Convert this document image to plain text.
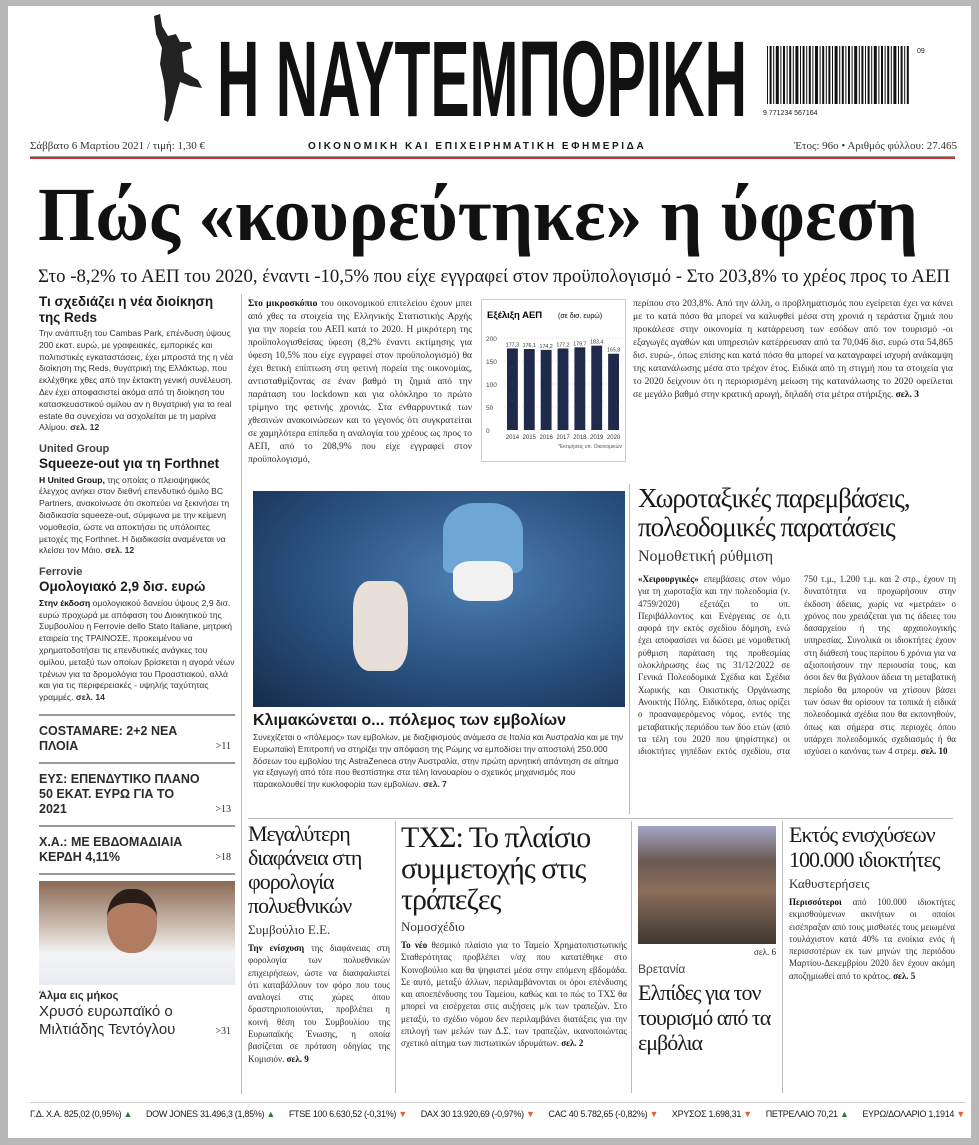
Η ΝΑΥΤΕΜΠΟΡΙΚΗ 9 771234 567164
09
Σάββατο 6 Μαρτίου 2021 / τιμή: 1,30 €	ΟΙΚΟΝΟΜΙΚΗ ΚΑΙ ΕΠΙΧΕΙΡΗΜΑΤΙΚΗ ΕΦΗΜΕΡΙΔΑ	Έτος: 96ο • Αριθμός φύλλου: 27.465
Πώς «κουρεύτηκε» η ύφεση
Στο -8,2% το ΑΕΠ του 2020, έναντι -10,5% που είχε εγγραφεί στον προϋπολογισμό - Στο 203,8% το χρέος προς το ΑΕΠ
Τι σχεδιάζει η νέα διοίκηση της Reds

Την ανάπτυξη του Cambas Park, επένδυση ύψους 200 εκατ. ευρώ, με γραφειακές, εμπορικές και πολιτιστικές εγκαταστάσεις, έχει μπροστά της η νέα διοίκηση της Reds, θυγατρική της Ελλάκτωρ, που εκλέχθηκε χθες από την έκτακτη γενική συνέλευση. Δεν έχει αποφασιστεί ακόμα από τη διοίκηση του κατασκευαστικού ομίλου αν η θυγατρική για το real estate θα συνεχίσει να ασχολείται με τη μαρίνα Αλίμου. σελ. 12

United Group
Squeeze-out για τη Forthnet

Η United Group, της οποίας ο πλειοψηφικός έλεγχος ανήκει στον διεθνή επενδυτικό όμιλο BC Partners, ανακοίνωσε ότι σκοπεύει να ξεκινήσει τη διαδικασία squeeze-out, σύμφωνα με την κείμενη νομοθεσία, ώστε να αποκτήσει τις υπόλοιπες μετοχές της Forthnet. Η διαδικασία αναμένεται να κλείσει τον Μάιο. σελ. 12

Ferrovie
Ομολογιακό 2,9 δισ. ευρώ

Στην έκδοση ομολογιακού δανείου ύψους 2,9 δισ. ευρώ προχωρά με απόφαση του Διοικητικού της Συμβουλίου η Ferrovie dello Stato Italiane, μητρική εταιρεία της ΤΡΑΙΝΟΣΕ, προκειμένου να χρηματοδοτήσει τις επενδυτικές ανάγκες του ομίλου, μεταξύ των οποίων βρίσκεται η αγορά νέων τρένων για τα δρομολόγια του Προαστιακού, αλλά και για τις περιφερειακές - υψηλής ταχύτητας γραμμές. σελ. 14

COSTAMARE: 2+2 ΝΕΑ ΠΛΟΙΑ	>11
ΕΥΣ: ΕΠΕΝΔΥΤΙΚΟ ΠΛΑΝΟ 50 ΕΚΑΤ. ΕΥΡΩ ΓΙΑ ΤΟ 2021	>13
Χ.Α.: ΜΕ ΕΒΔΟΜΑΔΙΑΙΑ ΚΕΡΔΗ 4,11%	>18
Άλμα εις μήκος
Χρυσό ευρωπαϊκό ο Μιλτιάδης Τεντόγλου	>31
Στο μικροσκόπιο του οικονομικού επιτελείου έχουν μπει από χθες τα στοιχεία της Ελληνικής Στατιστικής Αρχής για την πορεία του ΑΕΠ κατά το 2020. Η μικρότερη της προϋπολογισθείσας ύφεση (8,2% έναντι εκτίμησης για ύφεση 10,5% που είχε εγγραφεί στον προϋπολογισμό) θα έχει θετική επίπτωση στη φετινή πορεία της οικονομίας, αντισταθμίζοντας σε έναν βαθμό τη ζημιά από την παράταση του lockdown και για ολόκληρο το πρώτο τρίμηνο της φετινής χρονιάς. Στα ενθαρρυντικά των χθεσινών ανακοινώσεων και το γεγονός ότι συγκρατείται σε χαμηλότερα επίπεδα η αναλογία του χρέους ως προς το ΑΕΠ, από το 208,9% που είχε εγγραφεί στον προϋπολογισμό,
Εξέλιξη ΑΕΠ (σε δισ. ευρώ)
0
50
100
150
200
177,3
2014
176,1
2015
174,2
2016
177,2
2017
179,7
2018
183,4
2019
165,8
2020
*Εκτιμήσεις υπ. Οικονομικών
περίπου στο 203,8%. Από την άλλη, ο προβληματισμός που εγείρεται έχει να κάνει με το κατά πόσο θα μπορεί να καλυφθεί μέσα στη χρονιά η τεράστια ζημιά που προκάλεσε στην οικονομία η κατάρρευση των εσόδων από τον τουρισμό -οι εξαγωγές αγαθών και υπηρεσιών κατέρρευσαν από τα 70,046 δισ. ευρώ στα 54,865 δισ. ευρώ-, όπως επίσης και κατά πόσο θα μπορεί να καταγραφεί ισχυρή ανάκαμψη της κατανάλωσης μέσα στο τρέχον έτος. Ειδικά από τη στιγμή που τα στοιχεία για το 2020 δείχνουν ότι η περιορισμένη μείωση της κατανάλωσης το 2020 οφείλεται σε μεγάλο βαθμό στην κρατική αρωγή, δηλαδή στα μέτρα στήριξης. σελ. 3
Κλιμακώνεται ο... πόλεμος των εμβολίων
Συνεχίζεται ο «πόλεμος» των εμβολίων, με διαξιφισμούς ανάμεσα σε Ιταλία και Αυστραλία και με την Ευρωπαϊκή Επιτροπή να στηρίζει την απόφαση της Ρώμης να εμποδίσει την αποστολή 250.000 δόσεων του εμβολίου της AstraZeneca στην Αυστραλία, στην πρώτη αρνητική απάντηση σε αίτημα για εξαγωγή από τότε που θεσπίστηκε στα τέλη Ιανουαρίου ο σχετικός μηχανισμός που παρακολουθεί την κυκλοφορία των εμβολίων. σελ. 7
Χωροταξικές παρεμβάσεις, πολεοδομικές παρατάσεις
Νομοθετική ρύθμιση
«Χειρουργικές» επεμβάσεις στον νόμο για τη χωροταξία και την πολεοδομία (ν. 4759/2020) εξετάζει το υπ. Περιβάλλοντος και Ενέργειας σε ό,τι αφορά την εκτός σχεδίου δόμηση, ενώ έχει αποφασίσει να δώσει με νομοθετική ρύθμιση παράταση της προθεσμίας ολοκλήρωσης έως τις 31/12/2022 σε Γενικά Πολεοδομικά Σχέδια και Σχέδια Χωρικής και Οικιστικής Οργάνωσης Ανοικτής Πόλης. Ειδικότερα, όπως ορίζει ο προαναφερόμενος νόμος, εντός της μεταβατικής περιόδου των δύο ετών (από τα τέλη του 2020 που ψηφίστηκε) οι ιδιοκτήτες γηπέδων εκτός σχεδίου, στα 750 τ.μ., 1.200 τ.μ. και 2 στρ., έχουν τη δυνατότητα να προχωρήσουν στην έκδοση άδειας, χωρίς να «μετράει» ο χρόνος που χρειάζεται για τις άδειες του δασαρχείου ή της αρχαιολογικής υπηρεσίας. Συνολικά οι ιδιοκτήτες έχουν στη διάθεσή τους περίπου 6 χρόνια για να αξιοποιήσουν την περιουσία τους, και όσοι δεν θα βγάλουν άδεια τη μεταβατική περίοδο θα μπορούν να χτίσουν βάσει των όσων θα ορίσουν τα τοπικά ή ειδικά πολεοδομικά σχέδια που θα εκπονηθούν, όπως και σήμερα στις περιοχές όπου υπάρχει πολεοδομικός σχεδιασμός ή θα ισχύσει ο κανόνας των 4 στρεμ. σελ. 10
Μεγαλύτερη διαφάνεια στη φορολογία πολυεθνικών
Συμβούλιο Ε.Ε.
Την ενίσχυση της διαφάνειας στη φορολογία των πολυεθνικών επιχειρήσεων, ώστε να διασφαλιστεί ότι καταβάλλουν τον φόρο που τους αναλογεί στις χώρες όπου δραστηριοποιούνται, προβλέπει η κοινή θέση του Συμβουλίου της Ευρωπαϊκής Ένωσης, η οποία βασίζεται σε πρόταση οδηγίας της Κομισιόν. σελ. 9
ΤΧΣ: Το πλαίσιο συμμετοχής στις τράπεζες
Νομοσχέδιο
Το νέο θεσμικό πλαίσιο για το Ταμείο Χρηματοπιστωτικής Σταθερότητας προβλέπει ν/σχ που κατατέθηκε στο Κοινοβούλιο και θα ψηφιστεί μέσα στην επόμενη εβδομάδα. Σε αυτό, μεταξύ άλλων, περιλαμβάνονται οι όροι επένδυσης και αποεπένδυσης του Ταμείου, καθώς και το πώς το ΤΧΣ θα μπορεί να εισέρχεται στις αυξήσεις μ/κ των τραπεζών. Στο μεταξύ, το σχέδιο νόμου δεν περιλαμβάνει διατάξεις για την επιλογή των μελών των Δ.Σ. των τραπεζών, ικανοποιώντας σχετικό αίτημα των πιστωτικών ιδρυμάτων. σελ. 2
σελ. 6
Βρετανία
Ελπίδες για τον τουρισμό από τα εμβόλια
Εκτός ενισχύσεων 100.000 ιδιοκτήτες
Καθυστερήσεις
Περισσότεροι από 100.000 ιδιοκτήτες εκμισθούμενων ακινήτων οι οποίοι εισέπραξαν από τους μισθωτές τους μειωμένα τουλάχιστον κατά 40% τα ενοίκια ενός ή περισσοτέρων εκ των μηνών της περιόδου Μαρτίου-Δεκεμβρίου 2020 δεν έχουν ακόμη αποζημιωθεί από το κράτος. σελ. 5
Γ.Δ. Χ.Α. 825,02 (0,95%) ▲ DOW JONES 31.496,3 (1,85%) ▲ FTSE 100 6.630,52 (-0,31%) ▼ DAX 30 13.920,69 (-0,97%) ▼ CAC 40 5.782,65 (-0,82%) ▼ ΧΡΥΣΟΣ 1.698,31 ▼ ΠΕΤΡΕΛΑΙΟ 70,21 ▲ ΕΥΡΩ/ΔΟΛΑΡΙΟ 1,1914 ▼
